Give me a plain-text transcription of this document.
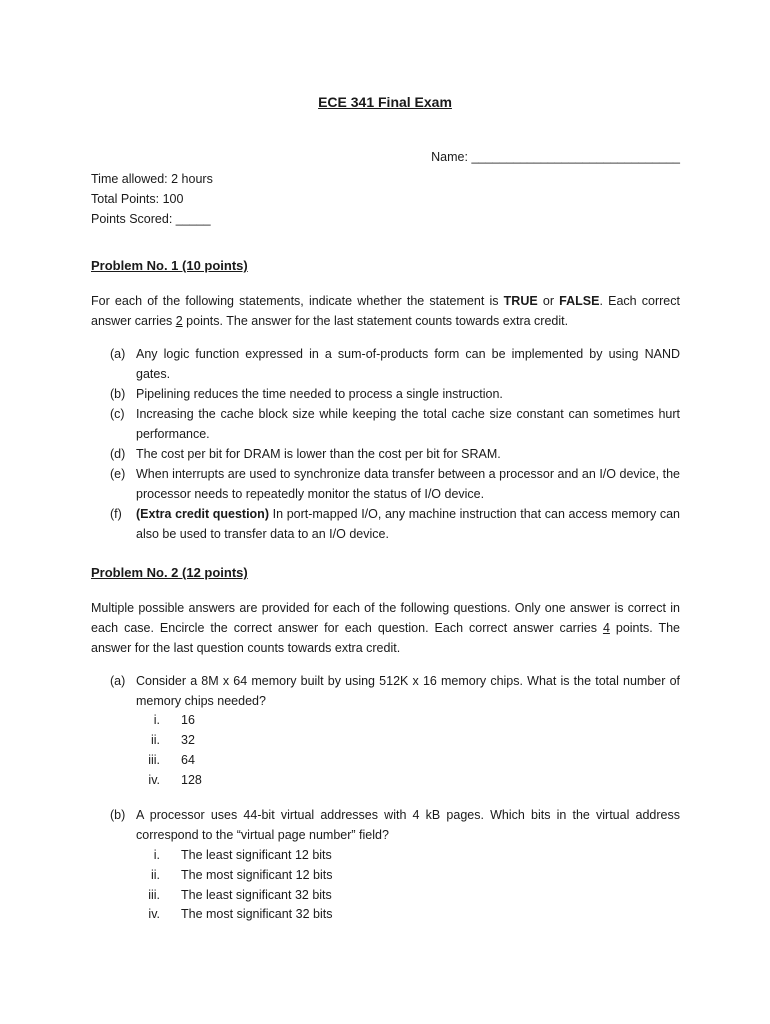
ECE 341 Final Exam
Name: ______________________________
Time allowed: 2 hours
Total Points: 100
Points Scored: _____
Problem No. 1 (10 points)
For each of the following statements, indicate whether the statement is TRUE or FALSE. Each correct answer carries 2 points. The answer for the last statement counts towards extra credit.
(a) Any logic function expressed in a sum-of-products form can be implemented by using NAND gates.
(b) Pipelining reduces the time needed to process a single instruction.
(c) Increasing the cache block size while keeping the total cache size constant can sometimes hurt performance.
(d) The cost per bit for DRAM is lower than the cost per bit for SRAM.
(e) When interrupts are used to synchronize data transfer between a processor and an I/O device, the processor needs to repeatedly monitor the status of I/O device.
(f)	(Extra credit question) In port-mapped I/O, any machine instruction that can access memory can also be used to transfer data to an I/O device.
Problem No. 2 (12 points)
Multiple possible answers are provided for each of the following questions. Only one answer is correct in each case. Encircle the correct answer for each question. Each correct answer carries 4 points. The answer for the last question counts towards extra credit.
(a) Consider a 8M x 64 memory built by using 512K x 16 memory chips. What is the total number of memory chips needed?
i. 16
ii. 32
iii. 64
iv. 128
(b) A processor uses 44-bit virtual addresses with 4 kB pages. Which bits in the virtual address correspond to the “virtual page number” field?
i. The least significant 12 bits
ii. The most significant 12 bits
iii. The least significant 32 bits
iv. The most significant 32 bits
